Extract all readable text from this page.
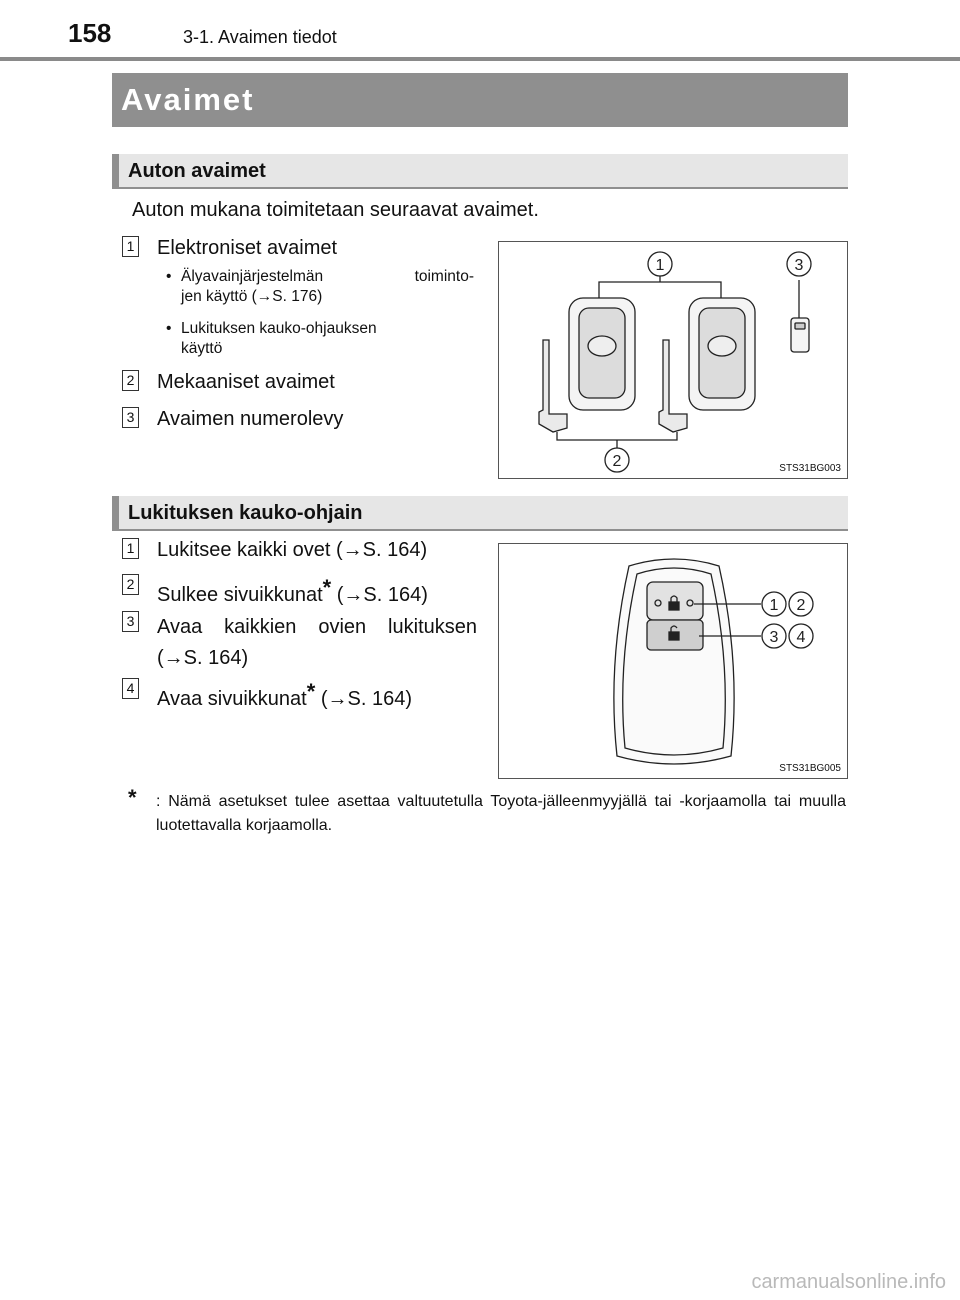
158	3-1. Avaimen tiedot
Avaimet
Auton avaimet
Auton mukana toimitetaan seuraavat avaimet.
1 Elektroniset avaimet
• Älyavainjärjestelmän toiminto-
jen käyttö (→S. 176)
• Lukituksen kauko-ohjauksen
käyttö
2 Mekaaniset avaimet
3 Avaimen numerolevy
1
2
3
STS31BG003
Lukituksen kauko-ohjain
1 Lukitsee kaikki ovet (→S. 164)
2 Sulkee sivuikkunat* (→S. 164)
3 Avaa kaikkien ovien lukituksen
(→S. 164)
4 Avaa sivuikkunat* (→S. 164)
1 2
3 4
STS31BG005
* : Nämä asetukset tulee asettaa valtuutetulla Toyota-jälleenmyyjällä tai -korjaamolla tai muulla luotettavalla korjaamolla.
carmanualsonline.info
